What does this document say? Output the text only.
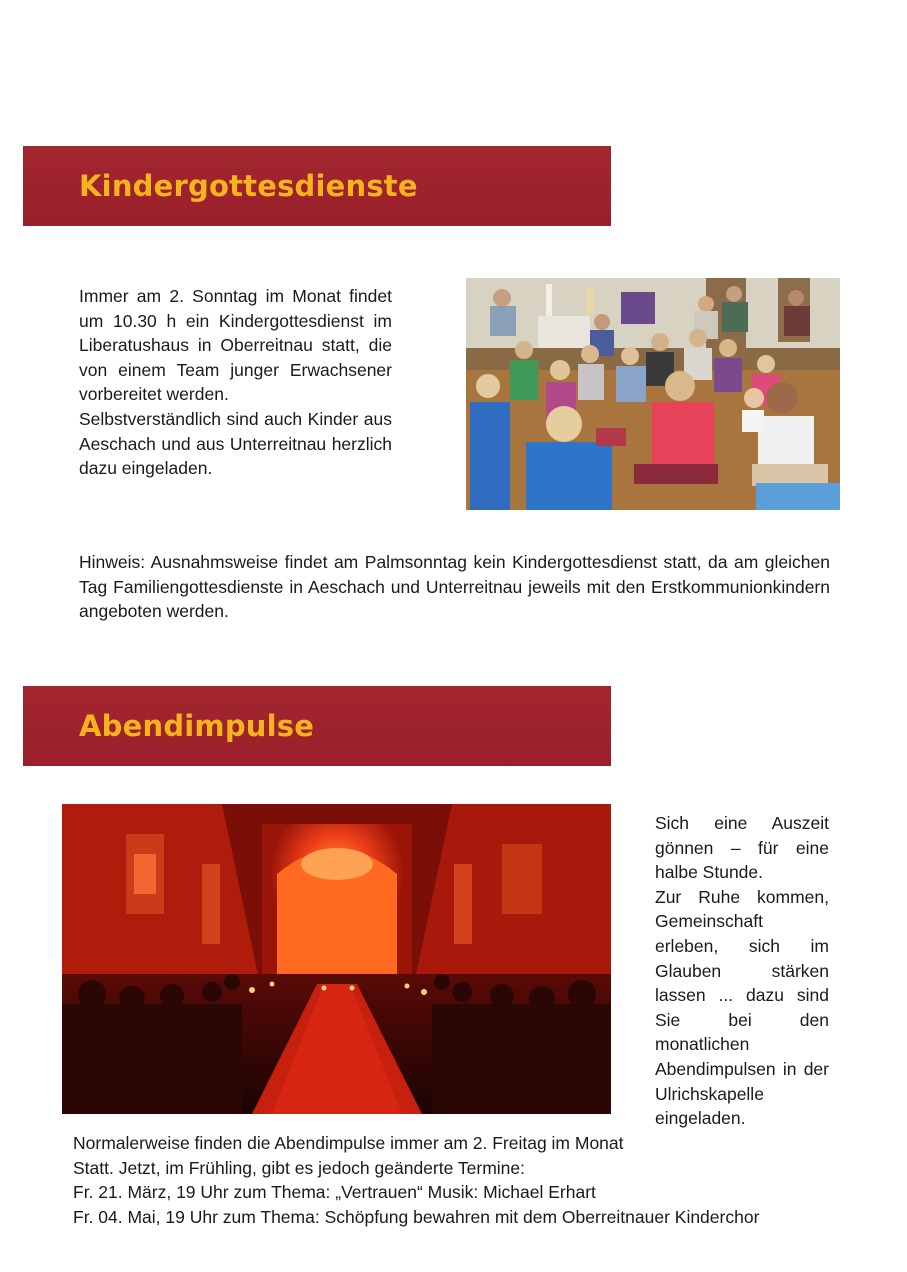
Kindergottesdienste

Immer am 2. Sonntag im Monat findet um 10.30 h ein Kindergottesdienst im Liberatushaus in Oberreitnau statt, die von einem Team junger Erwachsener vorbereitet werden.

Selbstverständlich sind auch Kinder aus Aeschach und aus Unterreitnau herzlich dazu eingeladen.

Hinweis: Ausnahmsweise findet am Palmsonntag kein Kindergottesdienst statt, da am gleichen Tag Familiengottesdienste in Aeschach und Unterreitnau jeweils mit den Erstkommunionkindern angeboten werden.

Abendimpulse

Sich eine Auszeit gönnen – für eine halbe Stunde.

Zur Ruhe kommen, Gemeinschaft erleben, sich im Glauben stärken lassen ... dazu sind Sie bei den monatlichen Abendimpulsen in der Ulrichskapelle eingeladen.

Normalerweise finden die Abendimpulse immer am 2. Freitag im Monat
Statt. Jetzt, im Frühling, gibt es jedoch geänderte Termine:
Fr. 21. März, 19 Uhr zum Thema: „Vertrauen“ Musik: Michael Erhart
Fr. 04. Mai, 19 Uhr zum Thema: Schöpfung bewahren mit dem Oberreitnauer Kinderchor
